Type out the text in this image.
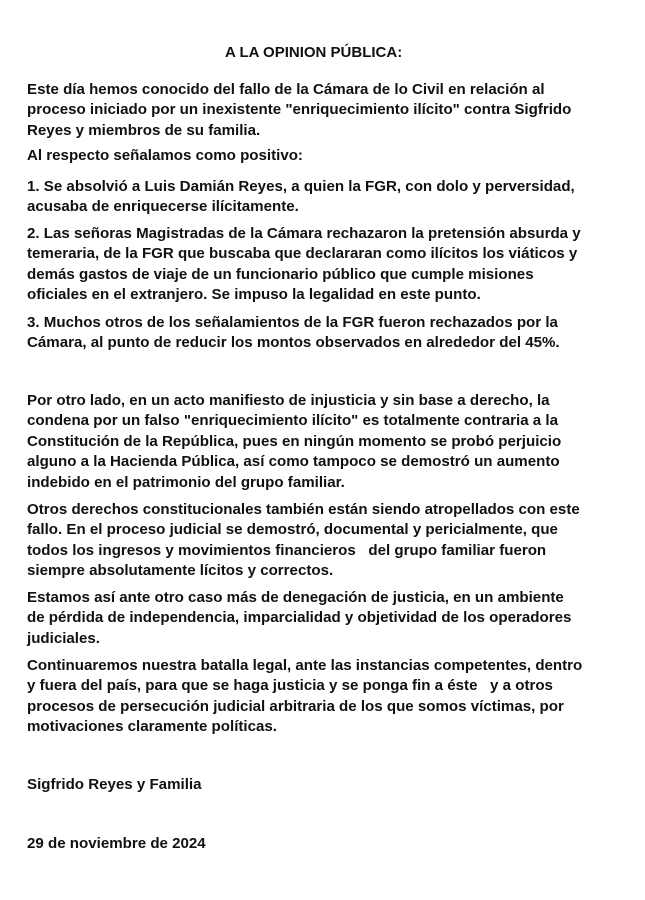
A LA OPINION PÚBLICA:

Este día hemos conocido del fallo de la Cámara de lo Civil en relación al
proceso iniciado por un inexistente "enriquecimiento ilícito" contra Sigfrido
Reyes y miembros de su familia.

Al respecto señalamos como positivo:

1. Se absolvió a Luis Damián Reyes, a quien la FGR, con dolo y perversidad,
acusaba de enriquecerse ilícitamente.

2. Las señoras Magistradas de la Cámara rechazaron la pretensión absurda y
temeraria, de la FGR que buscaba que declararan como ilícitos los viáticos y
demás gastos de viaje de un funcionario público que cumple misiones
oficiales en el extranjero. Se impuso la legalidad en este punto.

3. Muchos otros de los señalamientos de la FGR fueron rechazados por la
Cámara, al punto de reducir los montos observados en alrededor del 45%.

Por otro lado, en un acto manifiesto de injusticia y sin base a derecho, la
condena por un falso "enriquecimiento ilícito" es totalmente contraria a la
Constitución de la República, pues en ningún momento se probó perjuicio
alguno a la Hacienda Pública, así como tampoco se demostró un aumento
indebido en el patrimonio del grupo familiar.

Otros derechos constitucionales también están siendo atropellados con este
fallo. En el proceso judicial se demostró, documental y pericialmente, que
todos los ingresos y movimientos financieros   del grupo familiar fueron
siempre absolutamente lícitos y correctos.

Estamos así ante otro caso más de denegación de justicia, en un ambiente
de pérdida de independencia, imparcialidad y objetividad de los operadores
judiciales.

Continuaremos nuestra batalla legal, ante las instancias competentes, dentro
y fuera del país, para que se haga justicia y se ponga fin a éste   y a otros
procesos de persecución judicial arbitraria de los que somos víctimas, por
motivaciones claramente políticas.

Sigfrido Reyes y Familia

29 de noviembre de 2024
